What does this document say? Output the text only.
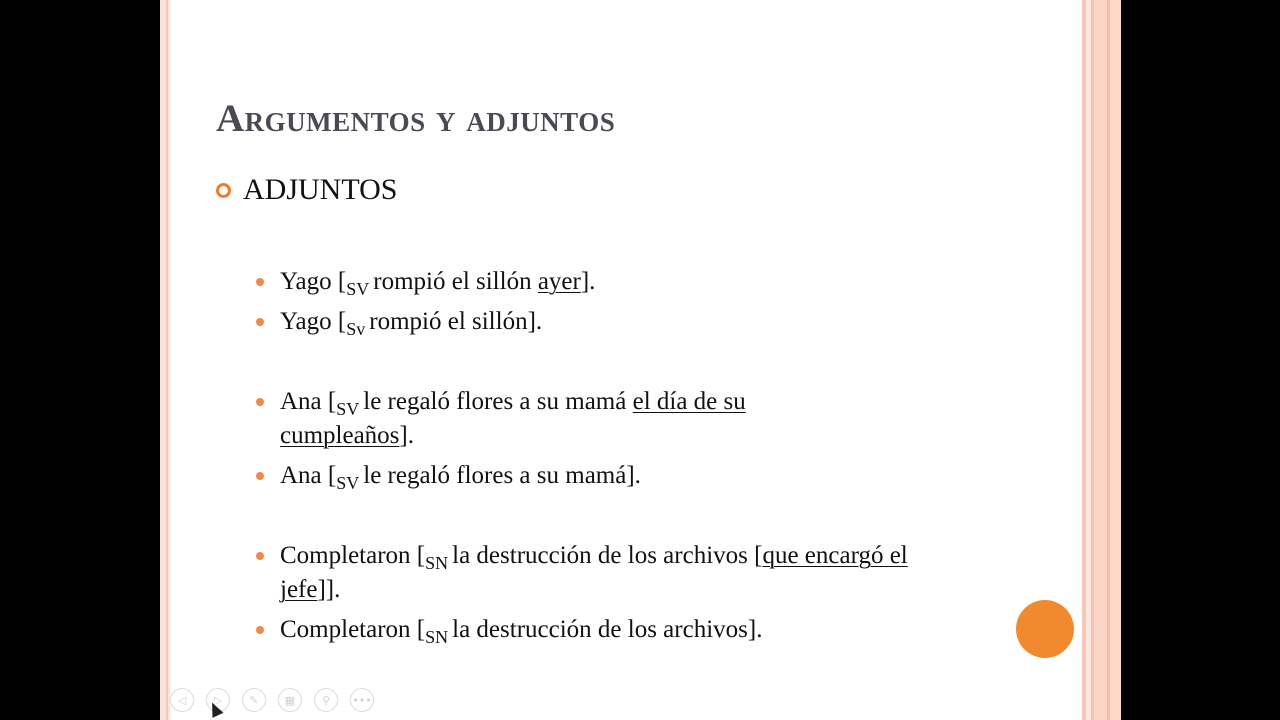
Argumentos y adjuntos
ADJUNTOS
Yago [$_{SV}$ rompió el sillón ayer].
Yago [$_{Sv}$ rompió el sillón].
Ana [$_{SV}$ le regaló flores a su mamá el día de su cumpleaños].
Ana [$_{SV}$ le regaló flores a su mamá].
Completaron [$_{SN}$ la destrucción de los archivos [que encargó el jefe]].
Completaron [$_{SN}$ la destrucción de los archivos].
◁	▷	✎	▦	⚲	•••
